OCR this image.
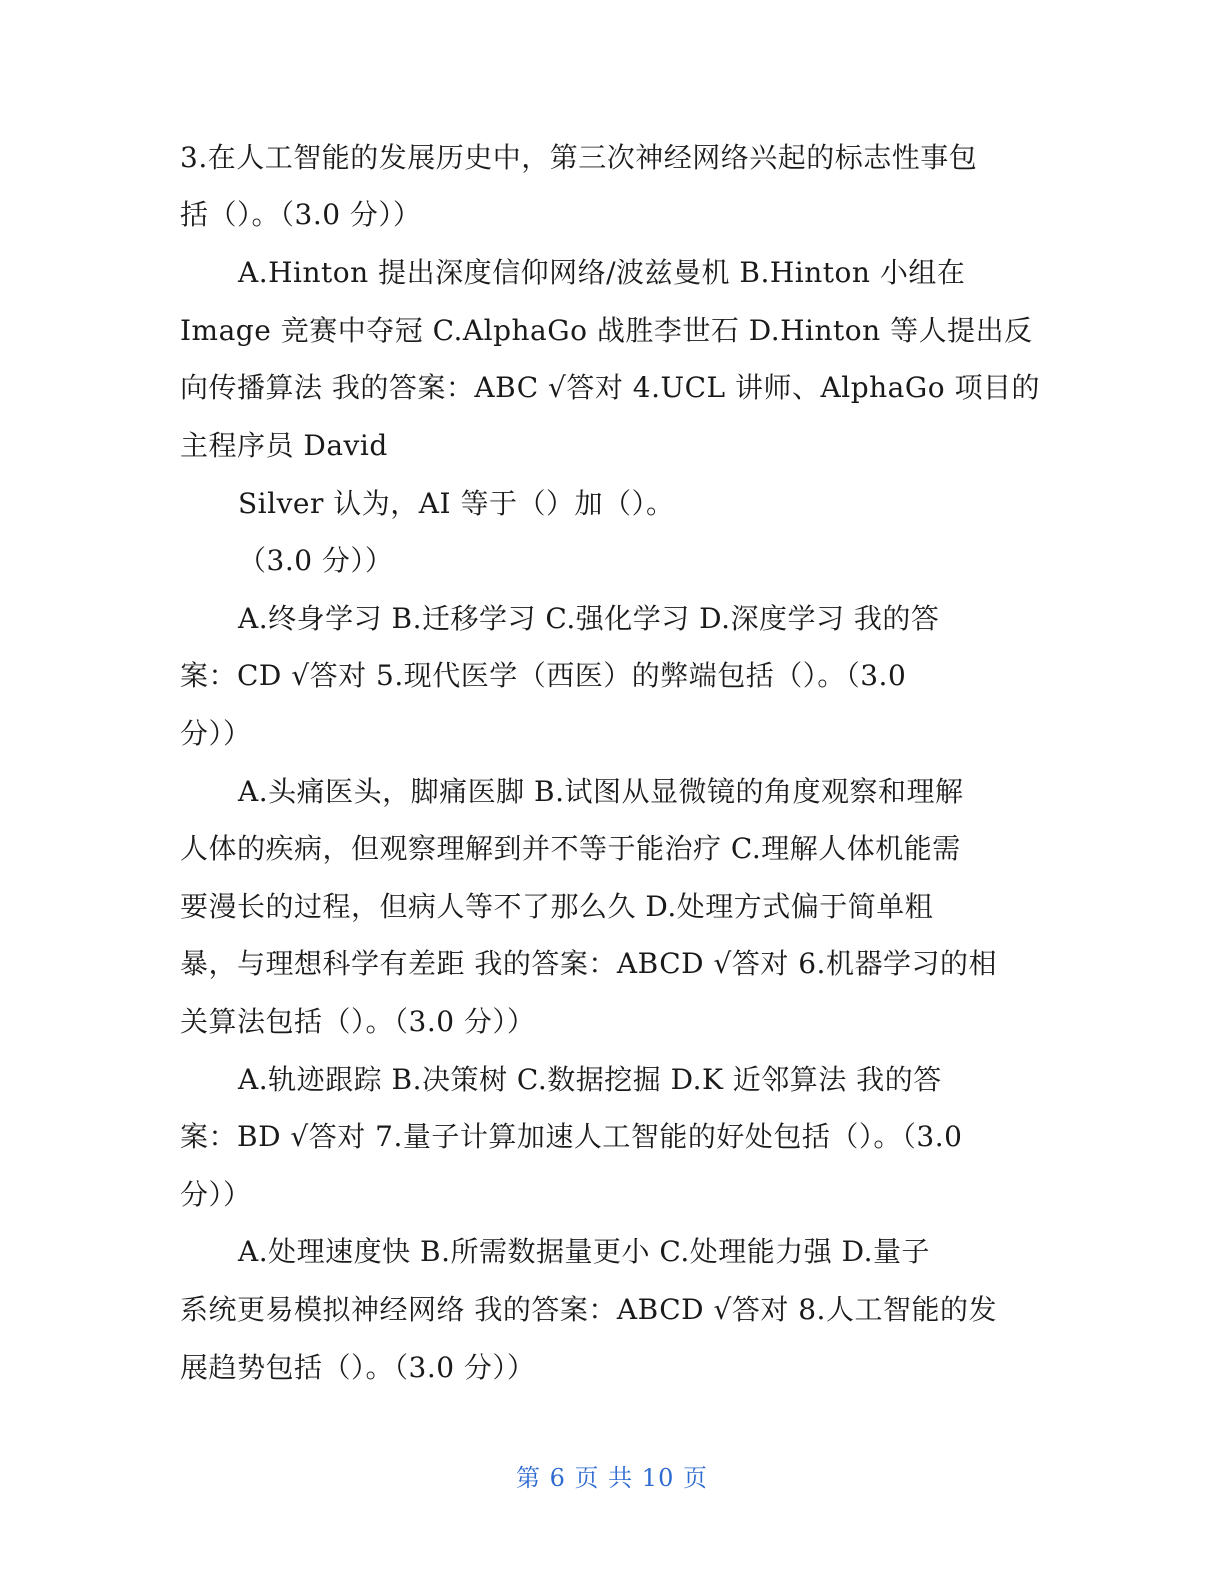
3.在人工智能的发展历史中，第三次神经网络兴起的标志性事包
括（）。（3.0 分））
A.Hinton 提出深度信仰网络/波兹曼机 B.Hinton 小组在
Image 竞赛中夺冠 C.AlphaGo 战胜李世石 D.Hinton 等人提出反
向传播算法 我的答案：ABC √答对 4.UCL 讲师、AlphaGo 项目的
主程序员 David
Silver 认为，AI 等于（）加（）。
（3.0 分））
A.终身学习 B.迁移学习 C.强化学习 D.深度学习 我的答
案：CD √答对 5.现代医学（西医）的弊端包括（）。（3.0
分））
A.头痛医头，脚痛医脚 B.试图从显微镜的角度观察和理解
人体的疾病，但观察理解到并不等于能治疗 C.理解人体机能需
要漫长的过程，但病人等不了那么久 D.处理方式偏于简单粗
暴，与理想科学有差距 我的答案：ABCD √答对 6.机器学习的相
关算法包括（）。（3.0 分））
A.轨迹跟踪 B.决策树 C.数据挖掘 D.K 近邻算法 我的答
案：BD √答对 7.量子计算加速人工智能的好处包括（）。（3.0
分））
A.处理速度快 B.所需数据量更小 C.处理能力强 D.量子
系统更易模拟神经网络 我的答案：ABCD √答对 8.人工智能的发
展趋势包括（）。（3.0 分））
第 6 页 共 10 页
